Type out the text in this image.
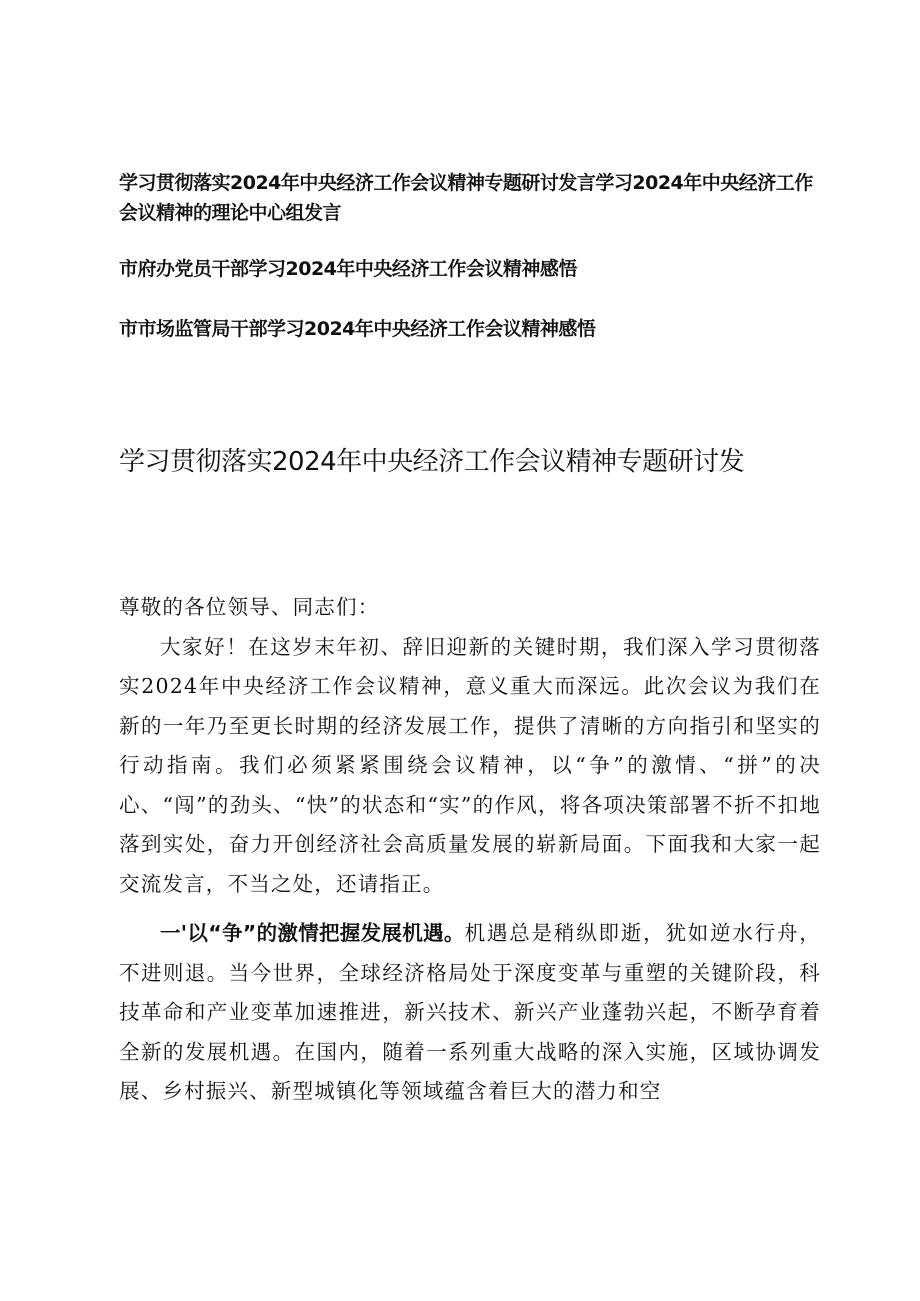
学习贯彻落实2024年中央经济工作会议精神专题研讨发言学习2024年中央经济工作会议精神的理论中心组发言
市府办党员干部学习2024年中央经济工作会议精神感悟
市市场监管局干部学习2024年中央经济工作会议精神感悟
学习贯彻落实2024年中央经济工作会议精神专题研讨发

尊敬的各位领导、同志们：

大家好！在这岁末年初、辞旧迎新的关键时期，我们深入学习贯彻落实2024年中央经济工作会议精神，意义重大而深远。此次会议为我们在新的一年乃至更长时期的经济发展工作，提供了清晰的方向指引和坚实的行动指南。我们必须紧紧围绕会议精神，以“争”的激情、“拼”的决心、“闯”的劲头、“快”的状态和“实”的作风，将各项决策部署不折不扣地落到实处，奋力开创经济社会高质量发展的崭新局面。下面我和大家一起交流发言，不当之处，还请指正。

一'以“争”的激情把握发展机遇。机遇总是稍纵即逝，犹如逆水行舟，不进则退。当今世界，全球经济格局处于深度变革与重塑的关键阶段，科技革命和产业变革加速推进，新兴技术、新兴产业蓬勃兴起，不断孕育着全新的发展机遇。在国内，随着一系列重大战略的深入实施，区域协调发展、乡村振兴、新型城镇化等领域蕴含着巨大的潜力和空
